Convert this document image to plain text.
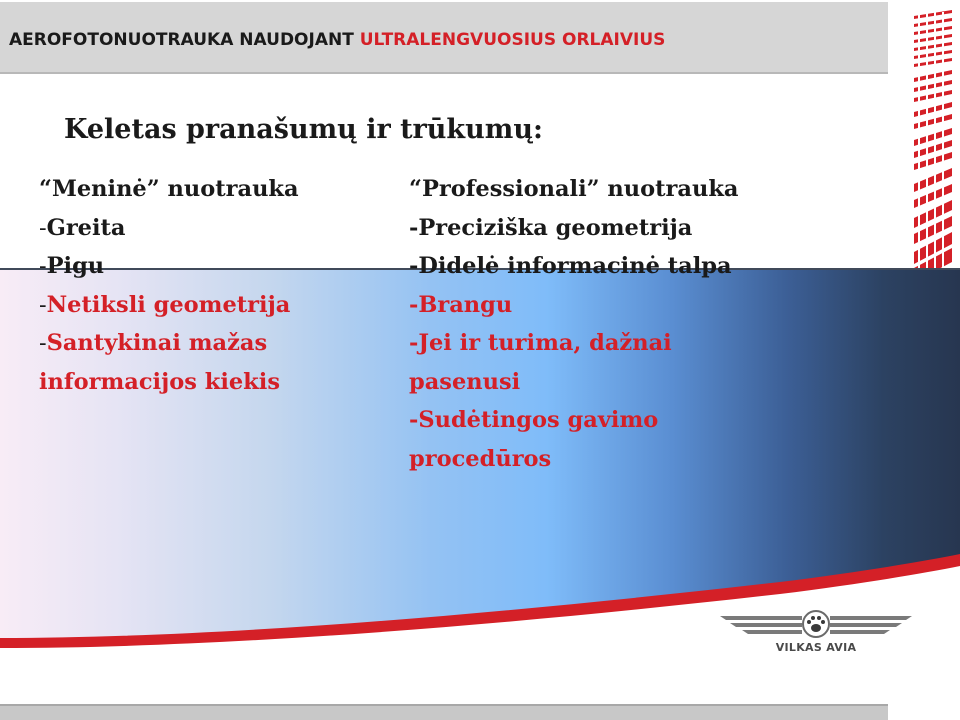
AEROFOTONUOTRAUKA NAUDOJANT ULTRALENGVUOSIUS ORLAIVIUS
Keletas pranašumų ir trūkumų:
“Meninė” nuotrauka
-Greita
-Pigu
-Netiksli geometrija
-Santykinai mažas
informacijos kiekis
“Professionali” nuotrauka
-Preciziška geometrija
-Didelė informacinė talpa
-Brangu
-Jei ir turima, dažnai
pasenusi
-Sudėtingos gavimo
procedūros
VILKAS AVIA
